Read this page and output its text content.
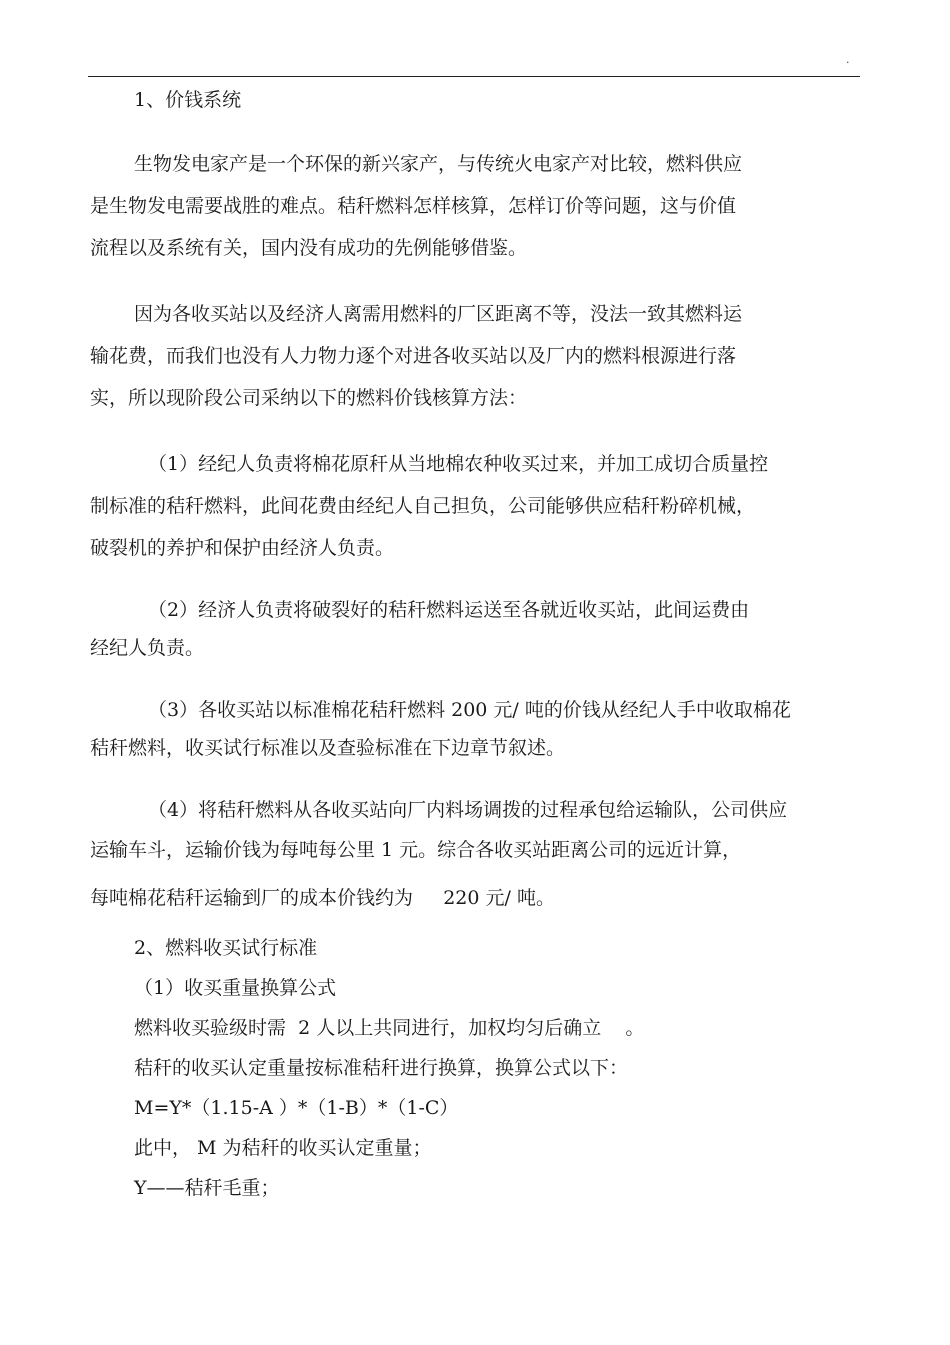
·
1、价钱系统
生物发电家产是一个环保的新兴家产，与传统火电家产对比较，燃料供应
是生物发电需要战胜的难点。秸秆燃料怎样核算，怎样订价等问题，这与价值
流程以及系统有关，国内没有成功的先例能够借鉴。
因为各收买站以及经济人离需用燃料的厂区距离不等，没法一致其燃料运
输花费，而我们也没有人力物力逐个对进各收买站以及厂内的燃料根源进行落
实，所以现阶段公司采纳以下的燃料价钱核算方法：
（1）经纪人负责将棉花原秆从当地棉农种收买过来，并加工成切合质量控
制标准的秸秆燃料，此间花费由经纪人自己担负，公司能够供应秸秆粉碎机械，
破裂机的养护和保护由经济人负责。
（2）经济人负责将破裂好的秸秆燃料运送至各就近收买站，此间运费由
经纪人负责。
（3）各收买站以标准棉花秸秆燃料 200 元/ 吨的价钱从经纪人手中收取棉花
秸秆燃料，收买试行标准以及查验标准在下边章节叙述。
（4）将秸秆燃料从各收买站向厂内料场调拨的过程承包给运输队，公司供应
运输车斗，运输价钱为每吨每公里 1 元。综合各收买站距离公司的远近计算，
每吨棉花秸秆运输到厂的成本价钱约为     220 元/ 吨。
2、燃料收买试行标准
（1）收买重量换算公式
燃料收买验级时需  2 人以上共同进行，加权均匀后确立    。
秸秆的收买认定重量按标准秸秆进行换算，换算公式以下：
M=Y*（1.15-A ）*（1-B）*（1-C）
此中， M 为秸秆的收买认定重量；
Y——秸秆毛重；
